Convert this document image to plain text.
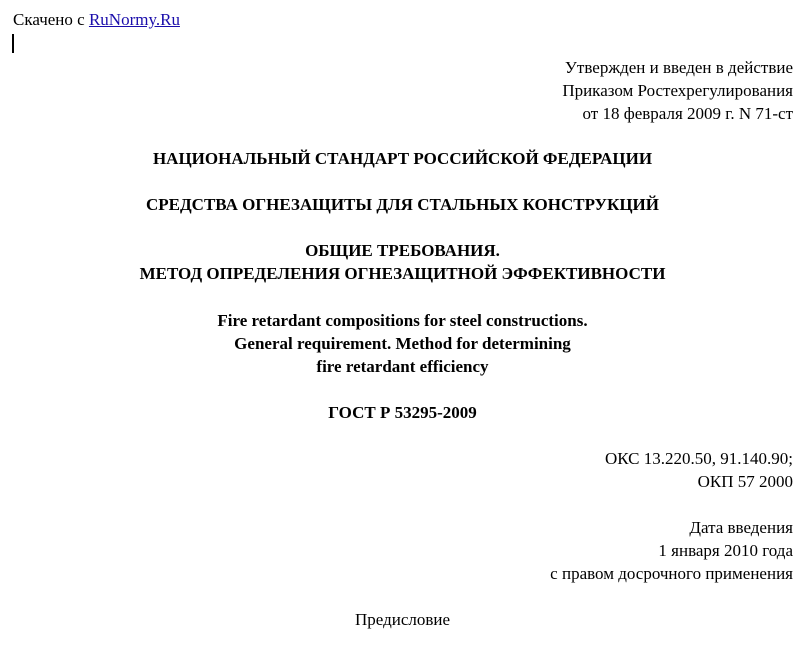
Скачено с RuNormy.Ru
Утвержден и введен в действие
Приказом Ростехрегулирования
от 18 февраля 2009 г. N 71-ст
НАЦИОНАЛЬНЫЙ СТАНДАРТ РОССИЙСКОЙ ФЕДЕРАЦИИ
СРЕДСТВА ОГНЕЗАЩИТЫ ДЛЯ СТАЛЬНЫХ КОНСТРУКЦИЙ
ОБЩИЕ ТРЕБОВАНИЯ.
МЕТОД ОПРЕДЕЛЕНИЯ ОГНЕЗАЩИТНОЙ ЭФФЕКТИВНОСТИ
Fire retardant compositions for steel constructions.
General requirement. Method for determining
fire retardant efficiency
ГОСТ Р 53295-2009
ОКС 13.220.50, 91.140.90;
ОКП 57 2000
Дата введения
1 января 2010 года
с правом досрочного применения
Предисловие
